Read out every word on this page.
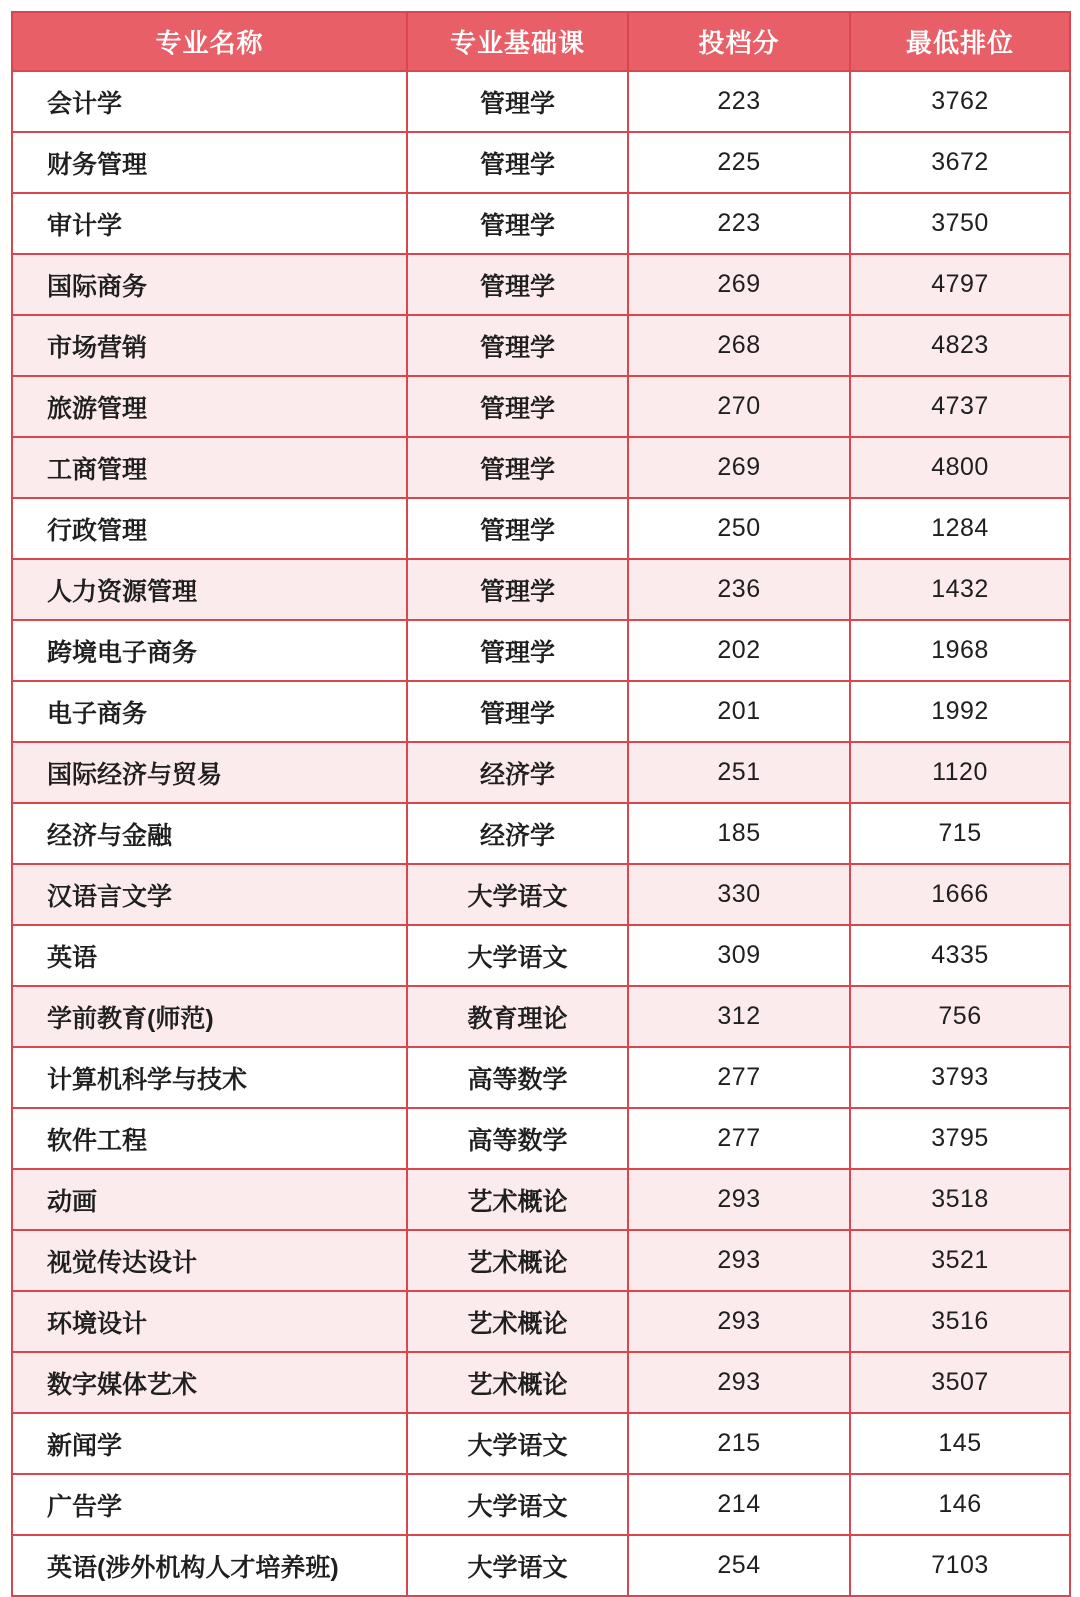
专业名称	专业基础课	投档分	最低排位
会计学	管理学	223	3762
财务管理	管理学	225	3672
审计学	管理学	223	3750
国际商务	管理学	269	4797
市场营销	管理学	268	4823
旅游管理	管理学	270	4737
工商管理	管理学	269	4800
行政管理	管理学	250	1284
人力资源管理	管理学	236	1432
跨境电子商务	管理学	202	1968
电子商务	管理学	201	1992
国际经济与贸易	经济学	251	1120
经济与金融	经济学	185	715
汉语言文学	大学语文	330	1666
英语	大学语文	309	4335
学前教育(师范)	教育理论	312	756
计算机科学与技术	高等数学	277	3793
软件工程	高等数学	277	3795
动画	艺术概论	293	3518
视觉传达设计	艺术概论	293	3521
环境设计	艺术概论	293	3516
数字媒体艺术	艺术概论	293	3507
新闻学	大学语文	215	145
广告学	大学语文	214	146
英语(涉外机构人才培养班)	大学语文	254	7103
